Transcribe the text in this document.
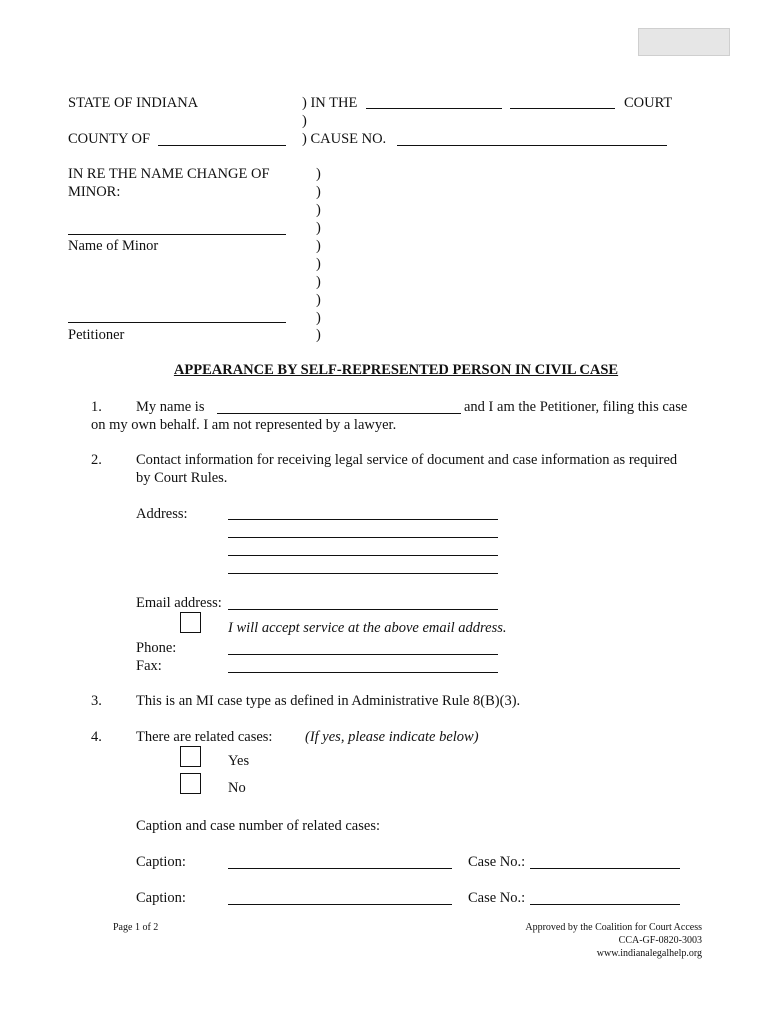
STATE OF INDIANA	) IN THE	COURT
)
COUNTY OF	) CAUSE NO.
IN RE THE NAME CHANGE OF
MINOR:
Name of Minor
Petitioner
)
)
)
)
)
)
)
)
)
)
APPEARANCE BY SELF-REPRESENTED PERSON IN CIVIL CASE
1. My name is	and I am the Petitioner, filing this case
on my own behalf. I am not represented by a lawyer.
2. Contact information for receiving legal service of document and case information as required
by Court Rules.
Address:
Email address:
I will accept service at the above email address.
Phone:
Fax:
3. This is an MI case type as defined in Administrative Rule 8(B)(3).
4. There are related cases: (If yes, please indicate below)
Yes
No
Caption and case number of related cases:
Caption:	Case No.:
Caption:	Case No.:
Page 1 of 2	Approved by the Coalition for Court Access
CCA-GF-0820-3003
www.indianalegalhelp.org
